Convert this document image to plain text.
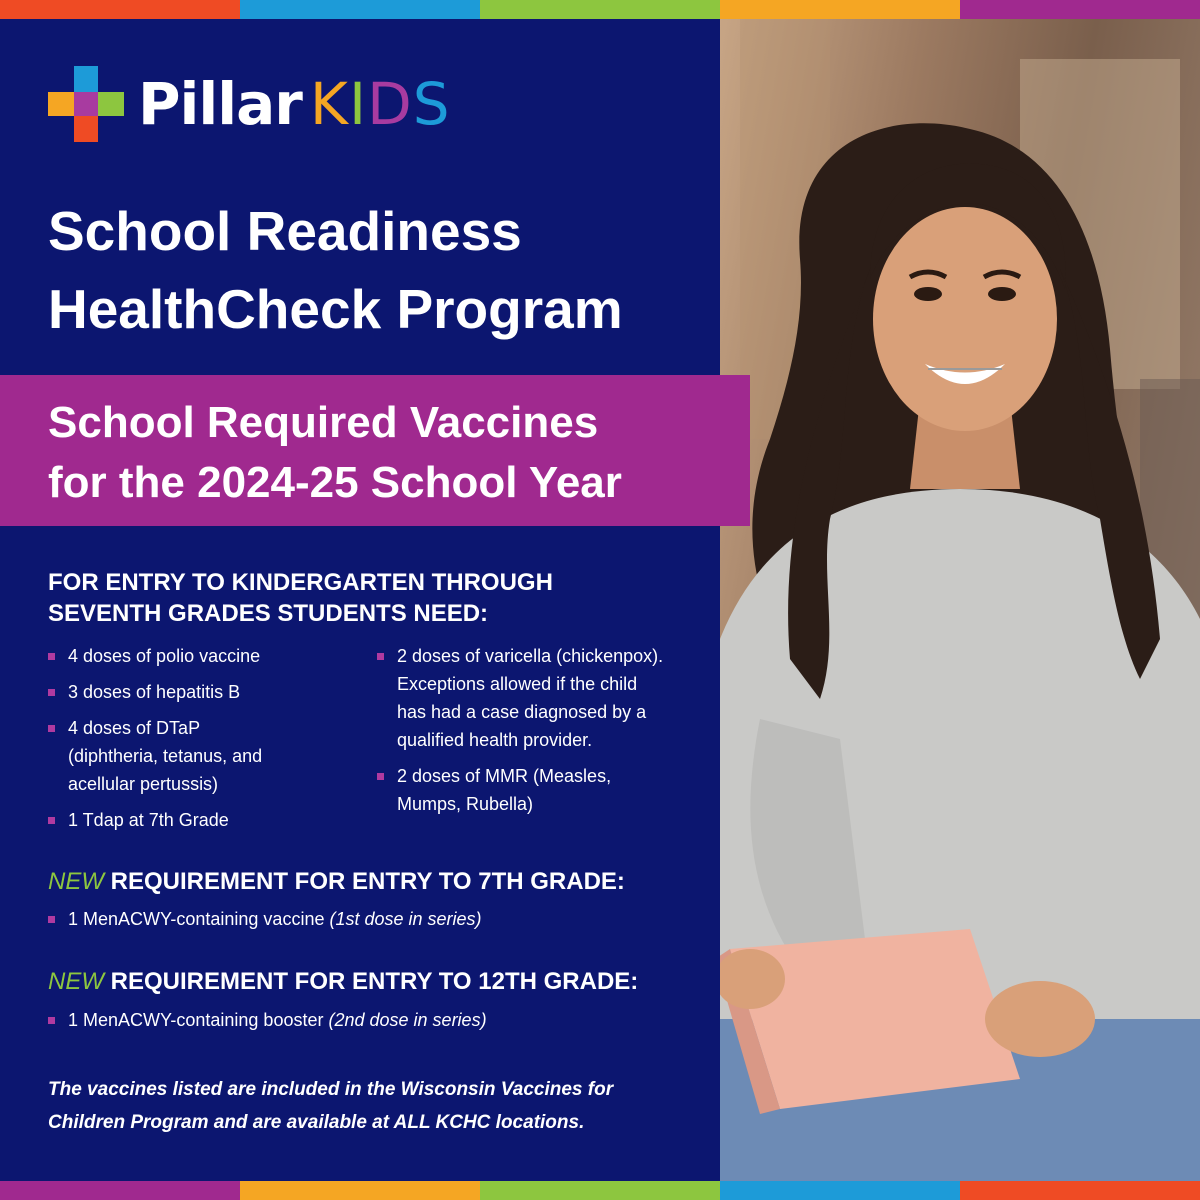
Pillar KIDS
School Readiness
HealthCheck Program
School Required Vaccines
for the 2024-25 School Year
FOR ENTRY TO KINDERGARTEN THROUGH
SEVENTH GRADES STUDENTS NEED:
4 doses of polio vaccine
3 doses of hepatitis B
4 doses of DTaP
(diphtheria, tetanus, and
acellular pertussis)
1 Tdap at 7th Grade
2 doses of varicella (chickenpox).
Exceptions allowed if the child
has had a case diagnosed by a
qualified health provider.
2 doses of MMR (Measles,
Mumps, Rubella)
NEW REQUIREMENT FOR ENTRY TO 7TH GRADE:
1 MenACWY-containing vaccine (1st dose in series)
NEW REQUIREMENT FOR ENTRY TO 12TH GRADE:
1 MenACWY-containing booster (2nd dose in series)
The vaccines listed are included in the Wisconsin Vaccines for
Children Program and are available at ALL KCHC locations.
